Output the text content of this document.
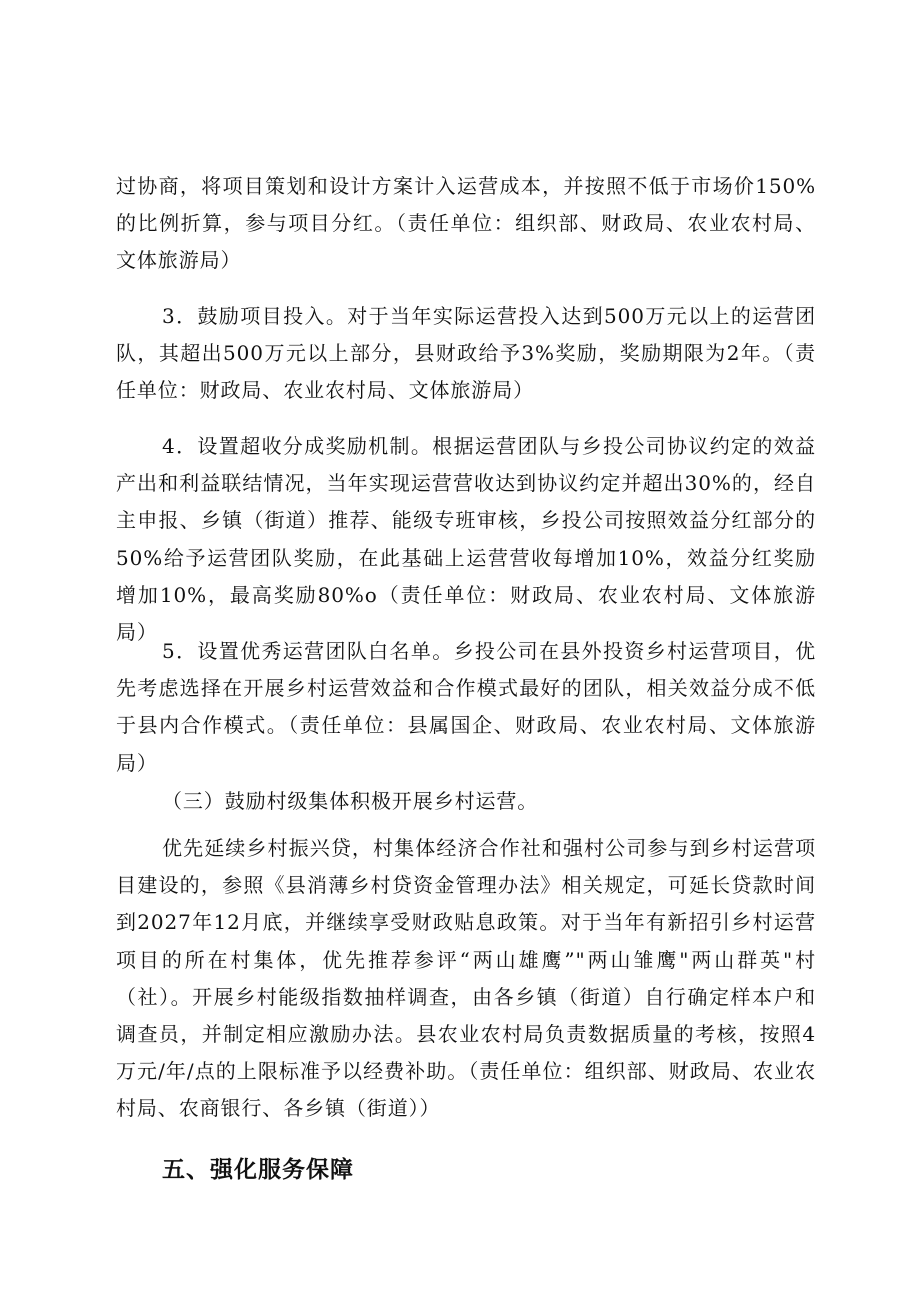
过协商，将项目策划和设计方案计入运营成本，并按照不低于市场价150%的比例折算，参与项目分红。（责任单位：组织部、财政局、农业农村局、文体旅游局）

3．鼓励项目投入。对于当年实际运营投入达到500万元以上的运营团队，其超出500万元以上部分，县财政给予3%奖励，奖励期限为2年。（责任单位：财政局、农业农村局、文体旅游局）

4．设置超收分成奖励机制。根据运营团队与乡投公司协议约定的效益产出和利益联结情况，当年实现运营营收达到协议约定并超出30%的，经自主申报、乡镇（街道）推荐、能级专班审核，乡投公司按照效益分红部分的50%给予运营团队奖励，在此基础上运营营收每增加10%，效益分红奖励增加10%，最高奖励80%o（责任单位：财政局、农业农村局、文体旅游局）

5．设置优秀运营团队白名单。乡投公司在县外投资乡村运营项目，优先考虑选择在开展乡村运营效益和合作模式最好的团队，相关效益分成不低于县内合作模式。（责任单位：县属国企、财政局、农业农村局、文体旅游局）

（三）鼓励村级集体积极开展乡村运营。

优先延续乡村振兴贷，村集体经济合作社和强村公司参与到乡村运营项目建设的，参照《县消薄乡村贷资金管理办法》相关规定，可延长贷款时间到2027年12月底，并继续享受财政贴息政策。对于当年有新招引乡村运营项目的所在村集体，优先推荐参评“两山雄鹰”"两山雏鹰"两山群英"村（社）。开展乡村能级指数抽样调查，由各乡镇（街道）自行确定样本户和调查员，并制定相应激励办法。县农业农村局负责数据质量的考核，按照4万元/年/点的上限标准予以经费补助。（责任单位：组织部、财政局、农业农村局、农商银行、各乡镇（街道））

五、强化服务保障
